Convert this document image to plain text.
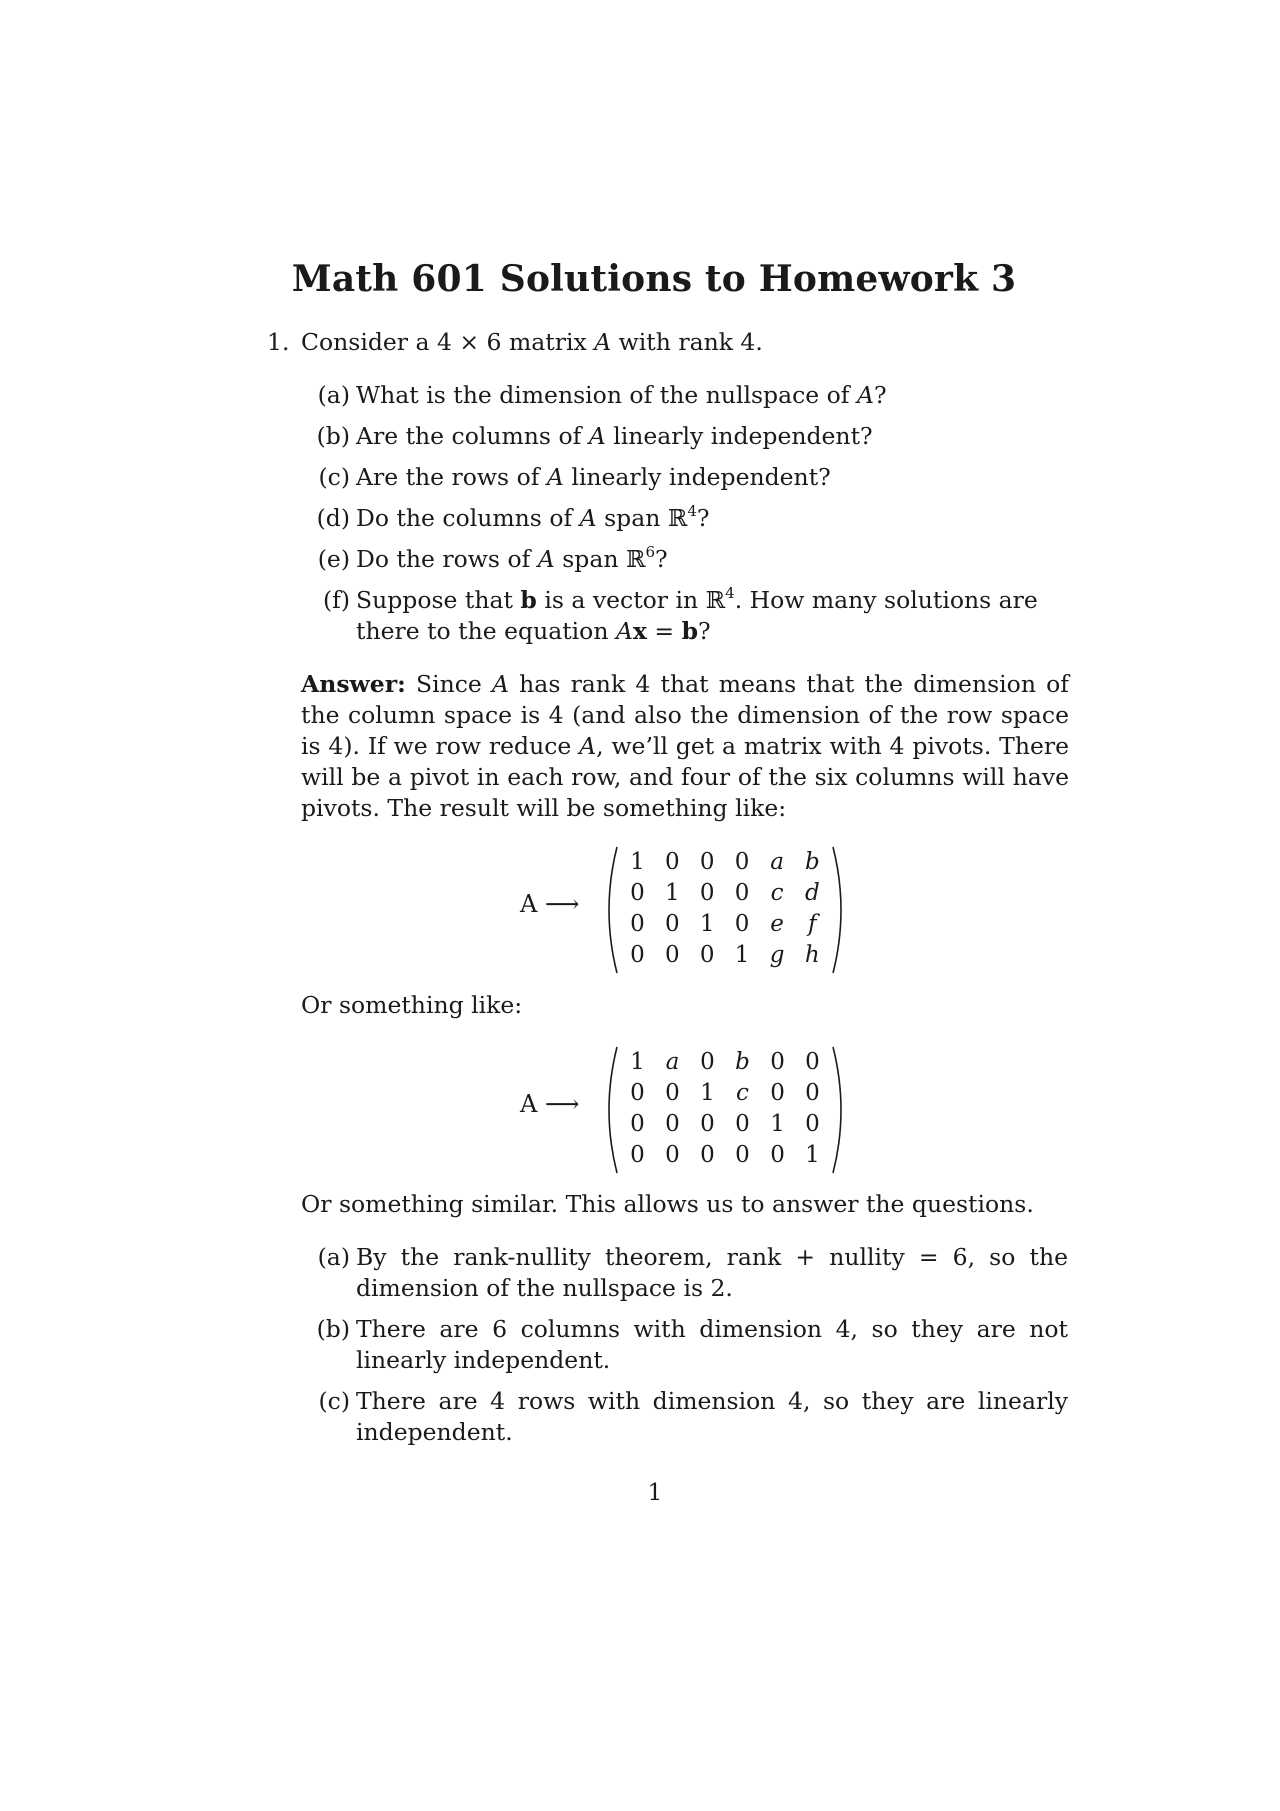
Math 601 Solutions to Homework 3
1. Consider a 4 × 6 matrix A with rank 4.
(a) What is the dimension of the nullspace of A?
(b) Are the columns of A linearly independent?
(c) Are the rows of A linearly independent?
(d) Do the columns of A span ℝ$^4$?
(e) Do the rows of A span ℝ$^6$?
(f) Suppose that b is a vector in ℝ$^4$. How many solutions are there to the equation Ax = b?
Answer: Since A has rank 4 that means that the dimension of the column space is 4 (and also the dimension of the row space is 4). If we row reduce A, we’ll get a matrix with 4 pivots. There will be a pivot in each row, and four of the six columns will have pivots. The result will be something like:
A ⟶
1	0	0	0	a	b
0	1	0	0	c	d
0	0	1	0	e	f
0	0	0	1	g	h
Or something like:
A ⟶
1	a	0	b	0	0
0	0	1	c	0	0
0	0	0	0	1	0
0	0	0	0	0	1
Or something similar. This allows us to answer the questions.
(a) By the rank-nullity theorem, rank + nullity = 6, so the dimension of the nullspace is 2.
(b) There are 6 columns with dimension 4, so they are not linearly independent.
(c) There are 4 rows with dimension 4, so they are linearly independent.
1
